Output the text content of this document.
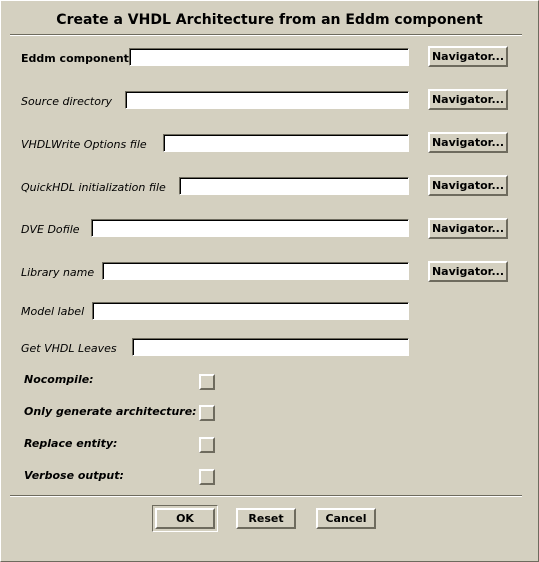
Create a VHDL Architecture from an Eddm component
Eddm component	Navigator...
Source directory	Navigator...
VHDLWrite Options file	Navigator...
QuickHDL initialization file	Navigator...
DVE Dofile	Navigator...
Library name	Navigator...
Model label
Get VHDL Leaves
Nocompile:
Only generate architecture:
Replace entity:
Verbose output:
OK	Reset	Cancel
